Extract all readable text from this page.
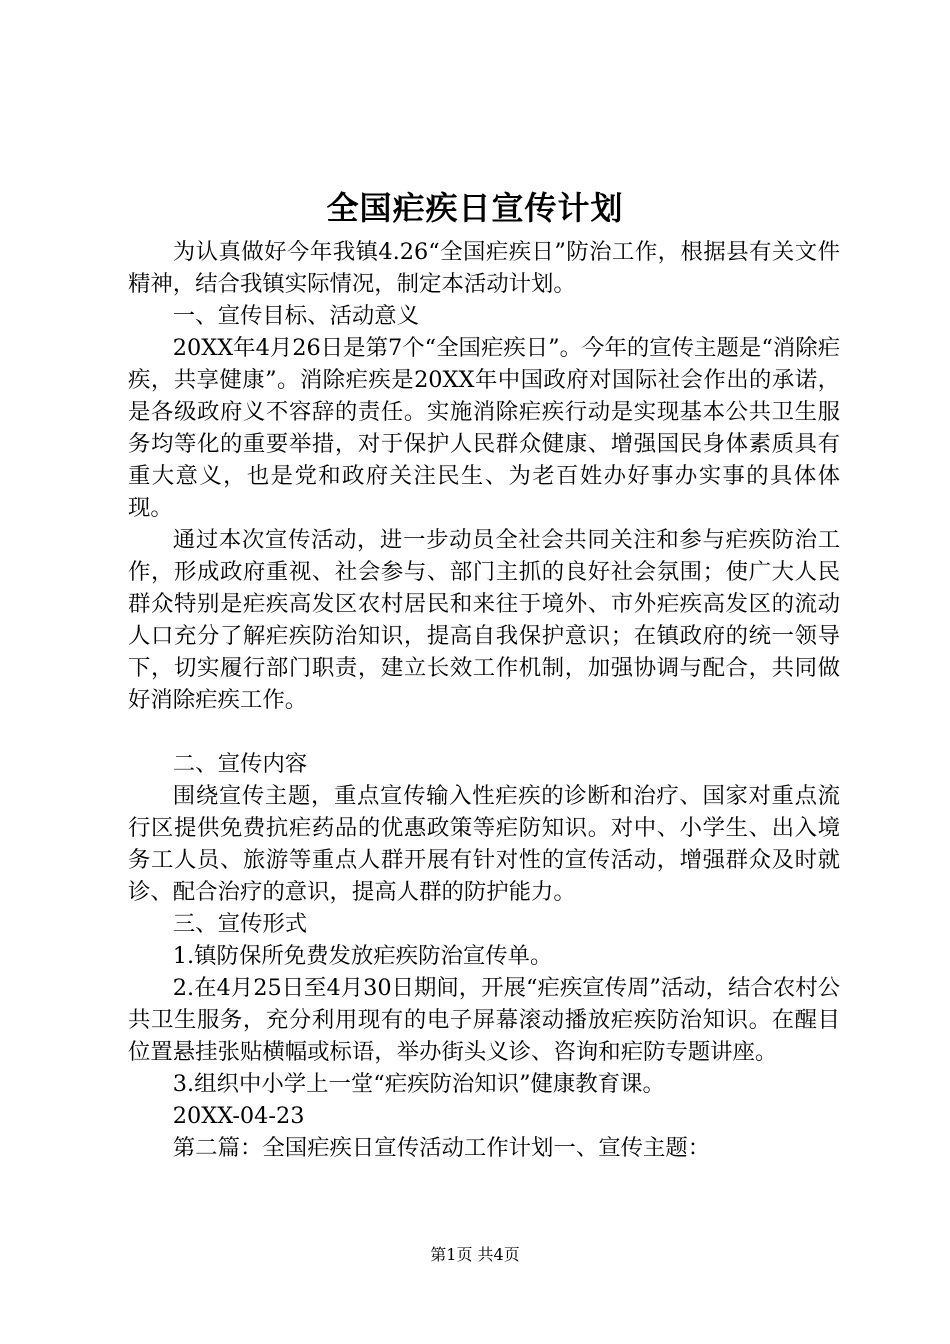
全国疟疾日宣传计划

为认真做好今年我镇4.26“全国疟疾日”防治工作，根据县有关文件精神，结合我镇实际情况，制定本活动计划。

一、宣传目标、活动意义

20XX年4月26日是第7个“全国疟疾日”。今年的宣传主题是“消除疟疾，共享健康”。消除疟疾是20XX年中国政府对国际社会作出的承诺，是各级政府义不容辞的责任。实施消除疟疾行动是实现基本公共卫生服务均等化的重要举措，对于保护人民群众健康、增强国民身体素质具有重大意义，也是党和政府关注民生、为老百姓办好事办实事的具体体现。

通过本次宣传活动，进一步动员全社会共同关注和参与疟疾防治工作，形成政府重视、社会参与、部门主抓的良好社会氛围；使广大人民群众特别是疟疾高发区农村居民和来往于境外、市外疟疾高发区的流动人口充分了解疟疾防治知识，提高自我保护意识；在镇政府的统一领导下，切实履行部门职责，建立长效工作机制，加强协调与配合，共同做好消除疟疾工作。

二、宣传内容

围绕宣传主题，重点宣传输入性疟疾的诊断和治疗、国家对重点流行区提供免费抗疟药品的优惠政策等疟防知识。对中、小学生、出入境务工人员、旅游等重点人群开展有针对性的宣传活动，增强群众及时就诊、配合治疗的意识，提高人群的防护能力。

三、宣传形式

1.镇防保所免费发放疟疾防治宣传单。

2.在4月25日至4月30日期间，开展“疟疾宣传周”活动，结合农村公共卫生服务，充分利用现有的电子屏幕滚动播放疟疾防治知识。在醒目位置悬挂张贴横幅或标语，举办街头义诊、咨询和疟防专题讲座。

3.组织中小学上一堂“疟疾防治知识”健康教育课。

20XX-04-23

第二篇：全国疟疾日宣传活动工作计划一、宣传主题：

第1页 共4页
